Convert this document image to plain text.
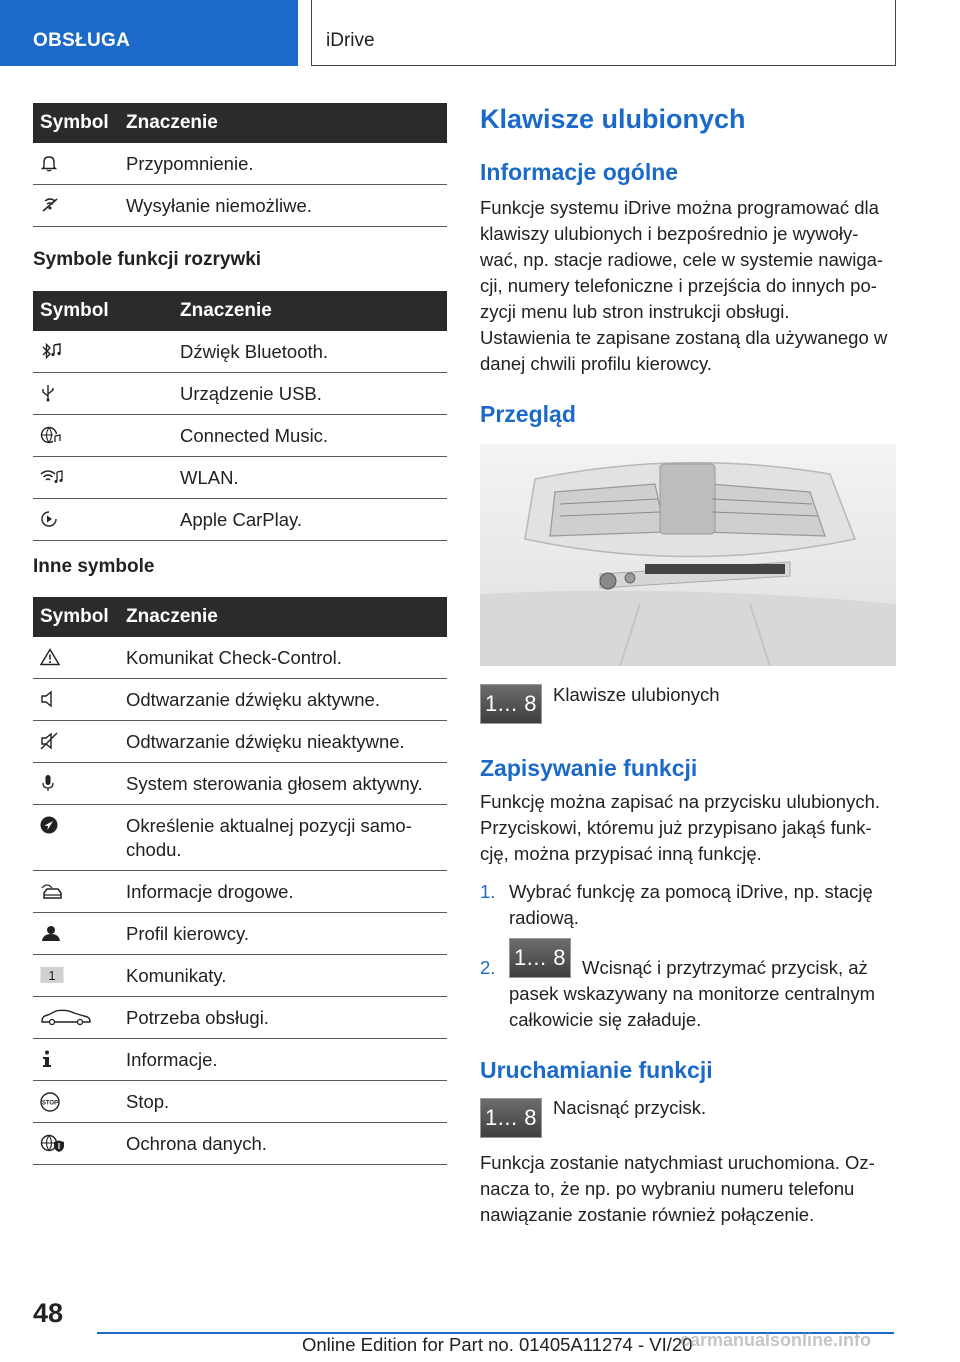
OBSŁUGA	iDrive
Symbol Znaczenie
Przypomnienie.
Wysyłanie niemożliwe.
Symbole funkcji rozrywki
Symbol	Znaczenie
Dźwięk Bluetooth.
Urządzenie USB.
Connected Music.
WLAN.
Apple CarPlay.
Inne symbole
Symbol Znaczenie
Komunikat Check-Control.
Odtwarzanie dźwięku aktywne.
Odtwarzanie dźwięku nieaktywne.
System sterowania głosem aktywny.
Określenie aktualnej pozycji samo-chodu.
Informacje drogowe.
Profil kierowcy.
1	Komunikaty.
Potrzeba obsługi.
Informacje.
STOP	Stop.
Ochrona danych.
Klawisze ulubionych
Informacje ogólne
Funkcje systemu iDrive można programować dla klawiszy ulubionych i bezpośrednio je wywoły-wać, np. stacje radiowe, cele w systemie nawiga-cji, numery telefoniczne i przejścia do innych po-zycji menu lub stron instrukcji obsługi.
Ustawienia te zapisane zostaną dla używanego w danej chwili profilu kierowcy.
Przegląd
1... 8 Klawisze ulubionych
Zapisywanie funkcji
Funkcję można zapisać na przycisku ulubionych. Przyciskowi, któremu już przypisano jakąś funk-cję, można przypisać inną funkcję.
1. Wybrać funkcję za pomocą iDrive, np. stację radiową.
2. 1... 8 Wcisnąć i przytrzymać przycisk, aż pasek wskazywany na monitorze centralnym całkowicie się załaduje.
Uruchamianie funkcji
1... 8 Nacisnąć przycisk.
Funkcja zostanie natychmiast uruchomiona. Oz-nacza to, że np. po wybraniu numeru telefonu nawiązanie zostanie również połączenie.
48
Online Edition for Part no. 01405A11274 - VI/20
carmanualsonline.info
